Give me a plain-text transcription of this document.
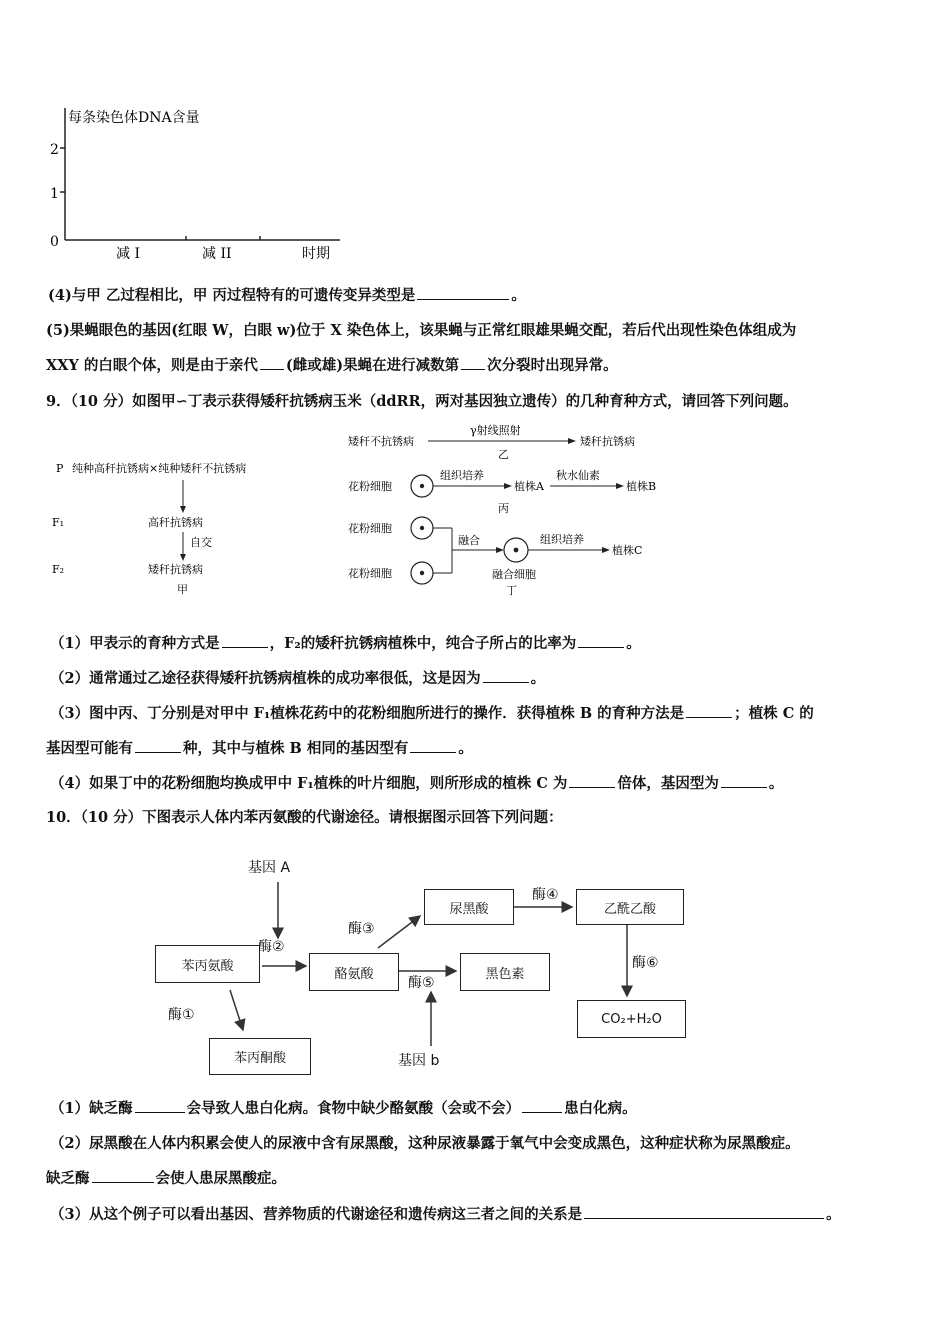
每条染色体DNA含量
2
1
0
减 I	减 II	时期
(4)与甲 乙过程相比，甲 丙过程特有的可遗传变异类型是	。
(5)果蝇眼色的基因(红眼 W，白眼 w)位于 X 染色体上，该果蝇与正常红眼雄果蝇交配，若后代出现性染色体组成为
XXY 的白眼个体，则是由于亲代 (雌或雄)果蝇在进行减数第 次分裂时出现异常。
9．（10 分）如图甲∽丁表示获得矮秆抗锈病玉米（ddRR，两对基因独立遗传）的几种育种方式，请回答下列问题。
P 纯种高秆抗锈病×纯种矮秆不抗锈病
F₁	高秆抗锈病
自交
F₂	矮秆抗锈病
甲
矮秆不抗锈病
γ射线照射
矮秆抗锈病
乙
花粉细胞
组织培养
植株A
秋水仙素
植株B
丙
花粉细胞
花粉细胞
融合	组织培养
植株C
融合细胞
丁
（1）甲表示的育种方式是	，F₂的矮秆抗锈病植株中，纯合子所占的比率为	。
（2）通常通过乙途径获得矮秆抗锈病植株的成功率很低，这是因为	。
（3）图中丙、丁分别是对甲中 F₁植株花药中的花粉细胞所进行的操作．获得植株 B 的育种方法是	；植株 C 的
基因型可能有	种，其中与植株 B 相同的基因型有	。
（4）如果丁中的花粉细胞均换成甲中 F₁植株的叶片细胞，则所形成的植株 C 为	倍体，基因型为	。
10．（10 分）下图表示人体内苯丙氨酸的代谢途径。请根据图示回答下列问题：
基因 A
基因 b
苯丙氨酸
酪氨酸
尿黑酸
黑色素
乙酰乙酸
苯丙酮酸
CO₂+H₂O
酶②
酶①
酶③
酶⑤
酶④
酶⑥
（1）缺乏酶	会导致人患白化病。食物中缺少酪氨酸（会或不会）	患白化病。
（2）尿黑酸在人体内积累会使人的尿液中含有尿黑酸，这种尿液暴露于氧气中会变成黑色，这种症状称为尿黑酸症。
缺乏酶	会使人患尿黑酸症。
（3）从这个例子可以看出基因、营养物质的代谢途径和遗传病这三者之间的关系是	。
